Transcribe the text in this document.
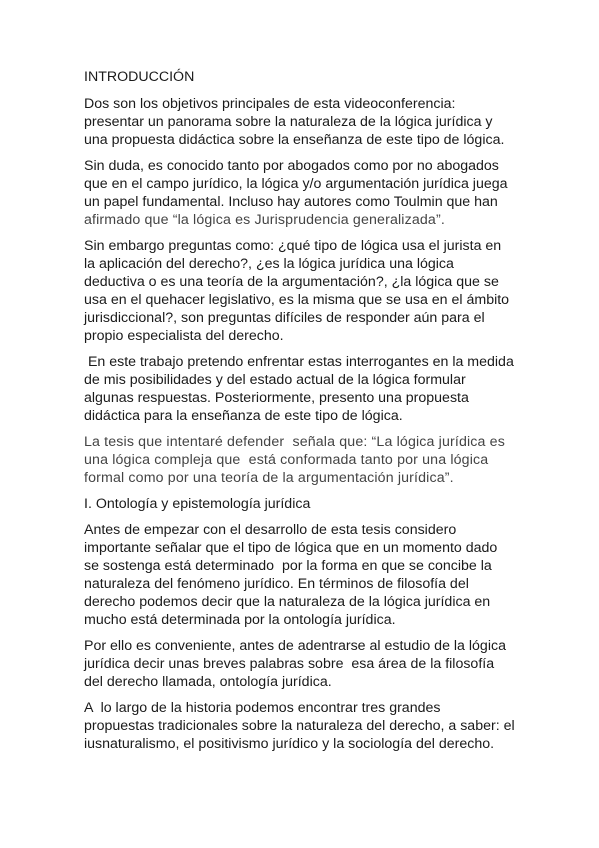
INTRODUCCIÓN
Dos son los objetivos principales de esta videoconferencia:
presentar un panorama sobre la naturaleza de la lógica jurídica y
una propuesta didáctica sobre la enseñanza de este tipo de lógica.
Sin duda, es conocido tanto por abogados como por no abogados
que en el campo jurídico, la lógica y/o argumentación jurídica juega
un papel fundamental. Incluso hay autores como Toulmin que han
afirmado que “la lógica es Jurisprudencia generalizada”.
Sin embargo preguntas como: ¿qué tipo de lógica usa el jurista en
la aplicación del derecho?, ¿es la lógica jurídica una lógica
deductiva o es una teoría de la argumentación?, ¿la lógica que se
usa en el quehacer legislativo, es la misma que se usa en el ámbito
jurisdiccional?, son preguntas difíciles de responder aún para el
propio especialista del derecho.
En este trabajo pretendo enfrentar estas interrogantes en la medida
de mis posibilidades y del estado actual de la lógica formular
algunas respuestas. Posteriormente, presento una propuesta
didáctica para la enseñanza de este tipo de lógica.
La tesis que intentaré defender  señala que: “La lógica jurídica es
una lógica compleja que  está conformada tanto por una lógica
formal como por una teoría de la argumentación jurídica”.
I. Ontología y epistemología jurídica
Antes de empezar con el desarrollo de esta tesis considero
importante señalar que el tipo de lógica que en un momento dado
se sostenga está determinado  por la forma en que se concibe la
naturaleza del fenómeno jurídico. En términos de filosofía del
derecho podemos decir que la naturaleza de la lógica jurídica en
mucho está determinada por la ontología jurídica.
Por ello es conveniente, antes de adentrarse al estudio de la lógica
jurídica decir unas breves palabras sobre  esa área de la filosofía
del derecho llamada, ontología jurídica.
A  lo largo de la historia podemos encontrar tres grandes
propuestas tradicionales sobre la naturaleza del derecho, a saber: el
iusnaturalismo, el positivismo jurídico y la sociología del derecho.
